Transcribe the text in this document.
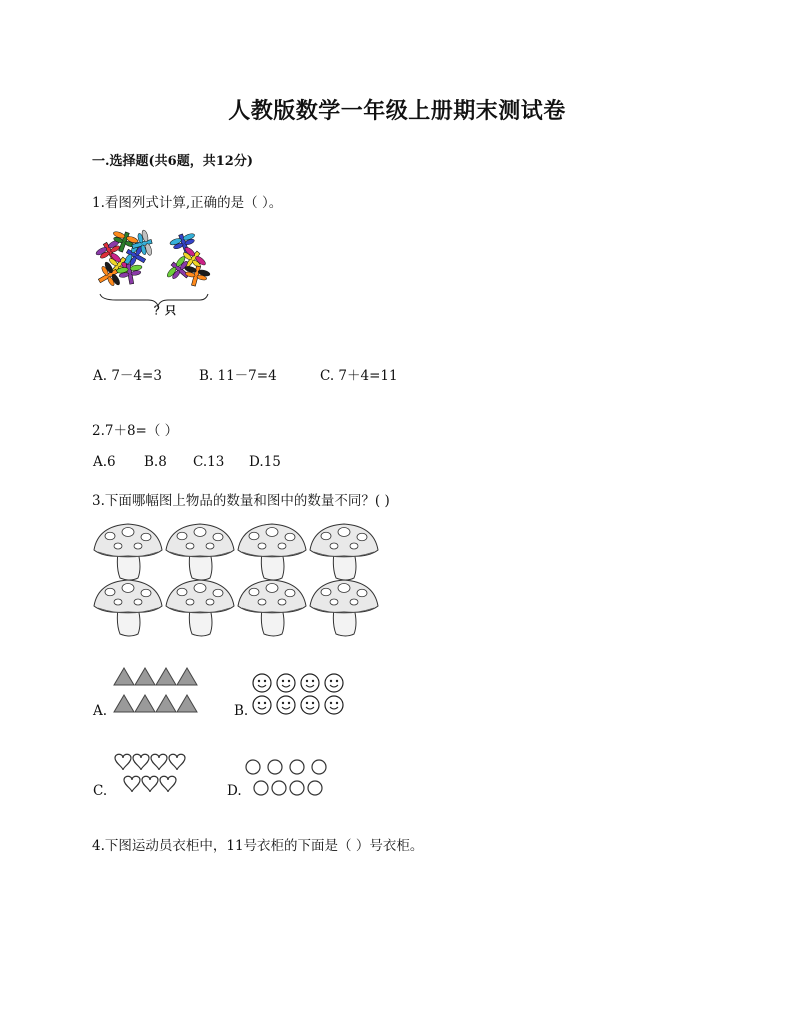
人教版数学一年级上册期末测试卷
一.选择题(共6题，共12分)
1.看图列式计算,正确的是（ ）。
？只
A. 7－4=3	B. 11－7=4	C. 7＋4=11
2.7＋8=（ ）
A.6 B.8 C.13 D.15
3.下面哪幅图上物品的数量和图中的数量不同？( )
A.	B.
C.	D.
4.下图运动员衣柜中，11号衣柜的下面是（ ）号衣柜。
